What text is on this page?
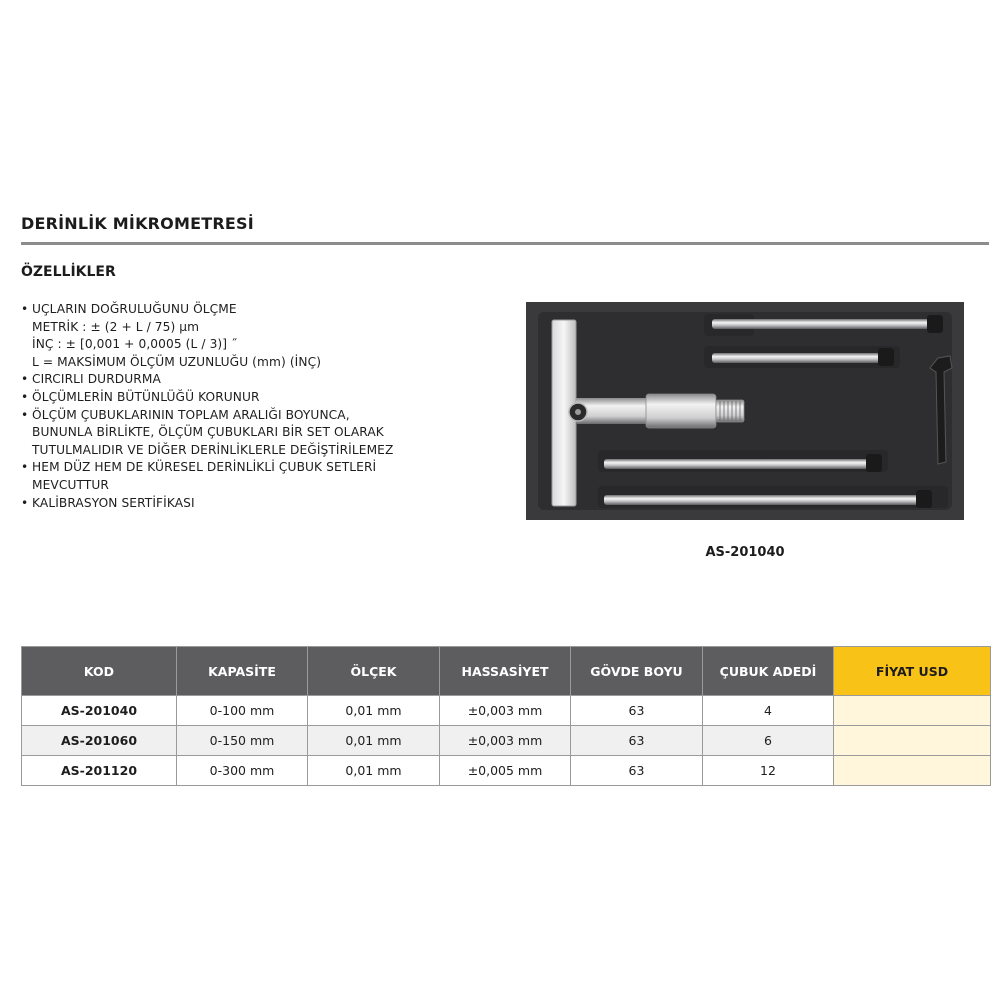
DERİNLİK MİKROMETRESİ
ÖZELLİKLER
• UÇLARIN DOĞRULUĞUNU ÖLÇME
METRİK : ± (2 + L / 75) μm
İNÇ : ± [0,001 + 0,0005 (L / 3)] ˝
L = MAKSİMUM ÖLÇÜM UZUNLUĞU (mm) (İNÇ)
• CIRCIRLI DURDURMA
• ÖLÇÜMLERİN BÜTÜNLÜĞÜ KORUNUR
• ÖLÇÜM ÇUBUKLARININ TOPLAM ARALIĞI BOYUNCA,
BUNUNLA BİRLİKTE, ÖLÇÜM ÇUBUKLARI BİR SET OLARAK
TUTULMALIDIR VE DİĞER DERİNLİKLERLE DEĞİŞTİRİLEMEZ
• HEM DÜZ HEM DE KÜRESEL DERİNLİKLİ ÇUBUK SETLERİ
MEVCUTTUR
• KALİBRASYON SERTİFİKASI
AS-201040
KOD	KAPASİTE	ÖLÇEK	HASSASİYET	GÖVDE BOYU	ÇUBUK ADEDİ	FİYAT USD
AS-201040	0-100 mm	0,01 mm	±0,003 mm	63	4	
AS-201060	0-150 mm	0,01 mm	±0,003 mm	63	6	
AS-201120	0-300 mm	0,01 mm	±0,005 mm	63	12	
